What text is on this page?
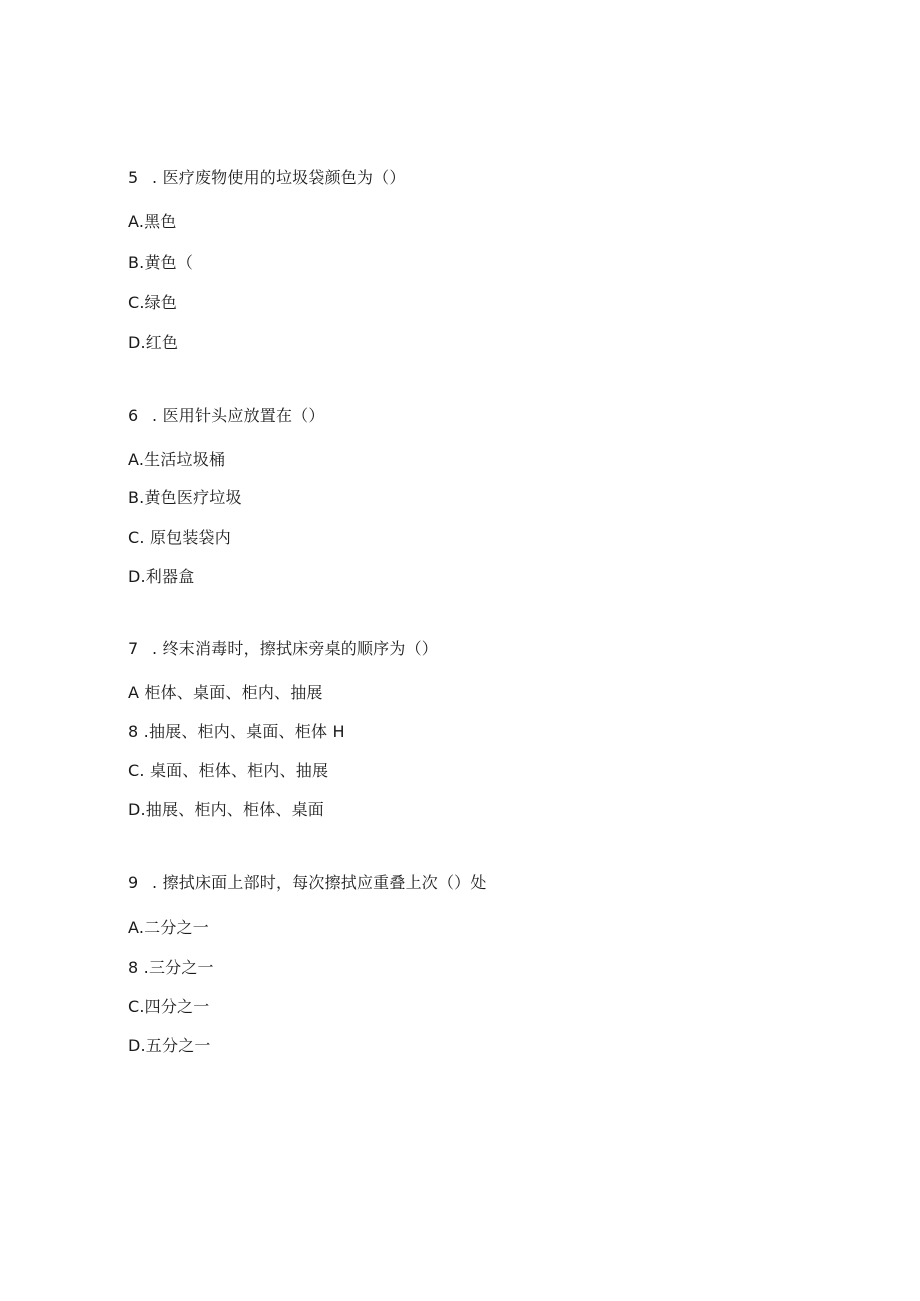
5 . 医疗废物使用的垃圾袋颜色为（）
A.黑色
B.黄色（
C.绿色
D.红色
6 . 医用针头应放置在（）
A.生活垃圾桶
B.黄色医疗垃圾
C. 原包装袋内
D.利器盒
7 . 终末消毒时，擦拭床旁桌的顺序为（）
A 柜体、桌面、柜内、抽展
8 .抽展、柜内、桌面、柜体 H
C. 桌面、柜体、柜内、抽展
D.抽展、柜内、柜体、桌面
9 . 擦拭床面上部时，每次擦拭应重叠上次（）处
A.二分之一
8 .三分之一
C.四分之一
D.五分之一
